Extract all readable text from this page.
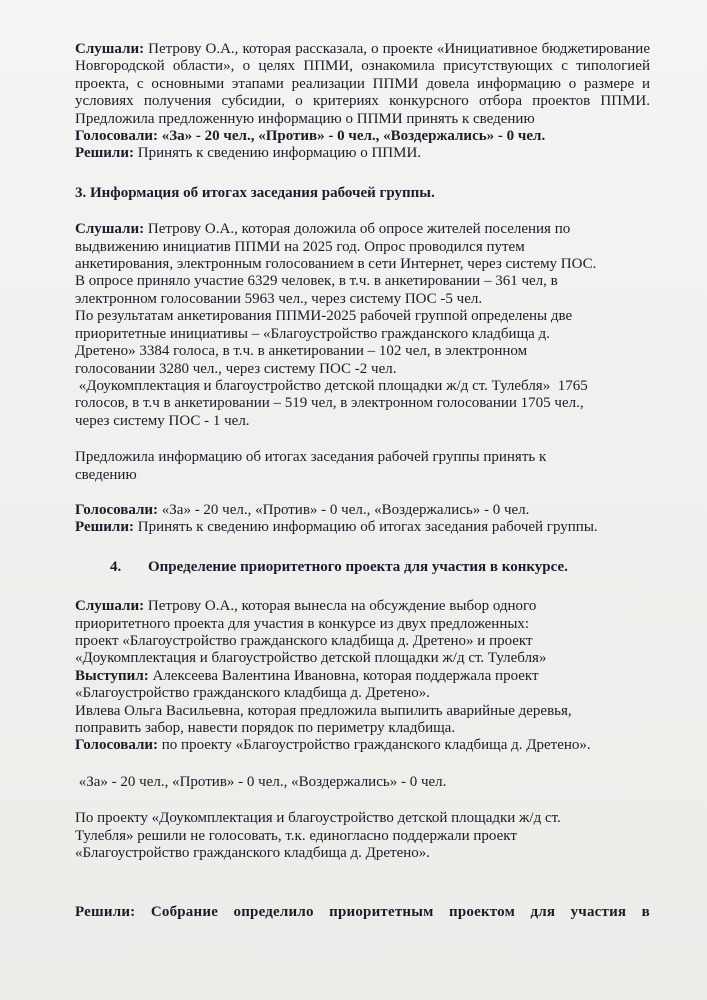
Слушали: Петрову О.А., которая рассказала, о проекте «Инициативное бюджетирование Новгородской области», о целях ППМИ, ознакомила присутствующих с типологией проекта, с основными этапами реализации ППМИ довела информацию о размере и условиях получения субсидии, о критериях конкурсного отбора проектов ППМИ. Предложила предложенную информацию о ППМИ принять к сведению

Голосовали: «За» - 20 чел., «Против» - 0 чел., «Воздержались» - 0 чел.

Решили: Принять к сведению информацию о ППМИ.

3. Информация об итогах заседания рабочей группы.

Слушали: Петрову О.А., которая доложила об опросе жителей поселения по

выдвижению инициатив ППМИ на 2025 год. Опрос проводился путем

анкетирования, электронным голосованием в сети Интернет, через систему ПОС.

В опросе приняло участие 6329 человек, в т.ч. в анкетировании – 361 чел, в

электронном голосовании 5963 чел., через систему ПОС -5 чел.

По результатам анкетирования ППМИ-2025 рабочей группой определены две

приоритетные инициативы – «Благоустройство гражданского кладбища д.

Дретено» 3384 голоса, в т.ч. в анкетировании – 102 чел, в электронном

голосовании 3280 чел., через систему ПОС -2 чел.

«Доукомплектация и благоустройство детской площадки ж/д ст. Тулебля»  1765

голосов, в т.ч в анкетировании – 519 чел, в электронном голосовании 1705 чел.,

через систему ПОС - 1 чел.

Предложила информацию об итогах заседания рабочей группы принять к

сведению

Голосовали: «За» - 20 чел., «Против» - 0 чел., «Воздержались» - 0 чел.

Решили: Принять к сведению информацию об итогах заседания рабочей группы.

4.	Определение приоритетного проекта для участия в конкурсе.

Слушали: Петрову О.А., которая вынесла на обсуждение выбор одного

приоритетного проекта для участия в конкурсе из двух предложенных:

проект «Благоустройство гражданского кладбища д. Дретено» и проект

«Доукомплектация и благоустройство детской площадки ж/д ст. Тулебля»

Выступил: Алексеева Валентина Ивановна, которая поддержала проект

«Благоустройство гражданского кладбища д. Дретено».

Ивлева Ольга Васильевна, которая предложила выпилить аварийные деревья,

поправить забор, навести порядок по периметру кладбища.

Голосовали: по проекту «Благоустройство гражданского кладбища д. Дретено».

«За» - 20 чел., «Против» - 0 чел., «Воздержались» - 0 чел.

По проекту «Доукомплектация и благоустройство детской площадки ж/д ст.

Тулебля» решили не голосовать, т.к. единогласно поддержали проект

«Благоустройство гражданского кладбища д. Дретено».

Решили: Собрание определило приоритетным проектом для участия в
